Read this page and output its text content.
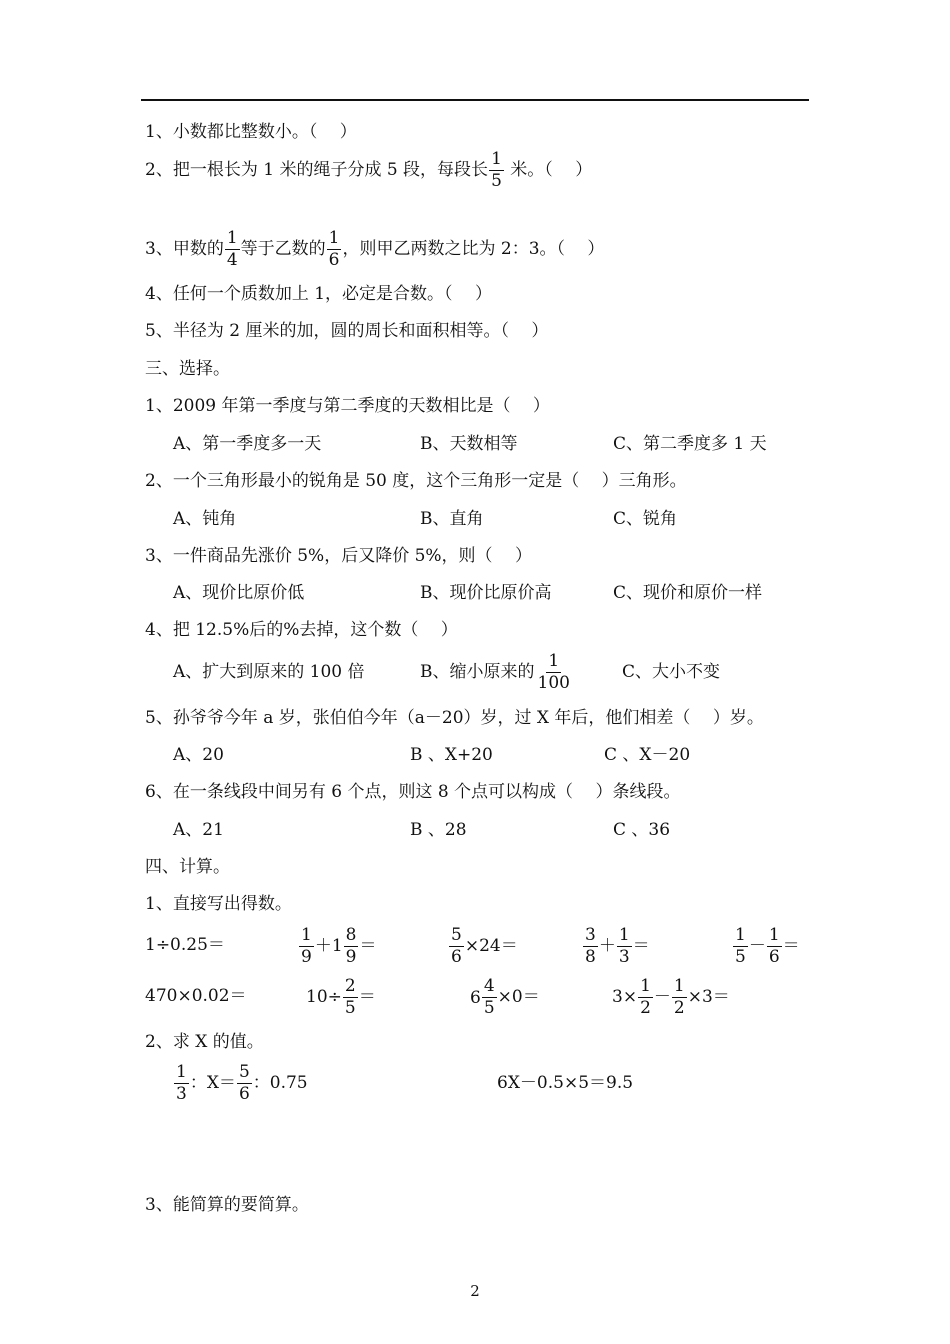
1、小数都比整数小。（　 ）
2、把一根长为 1 米的绳子分成 5 段，每段长 $\frac{1}{5}$ 米。（　 ）
3、甲数的 $\frac{1}{4}$ 等于乙数的 $\frac{1}{6}$ ，则甲乙两数之比为 2：3。（　 ）
4、任何一个质数加上 1，必定是合数。（　 ）
5、半径为 2 厘米的加，圆的周长和面积相等。（　 ）
三、选择。
1、2009 年第一季度与第二季度的天数相比是（　 ）
A、第一季度多一天	B、天数相等	C、第二季度多 1 天
2、一个三角形最小的锐角是 50 度，这个三角形一定是（　 ）三角形。
A、钝角	B、直角	C、锐角
3、一件商品先涨价 5%，后又降价 5%，则（　 ）
A、现价比原价低	B、现价比原价高	C、现价和原价一样
4、把 12.5%后的%去掉，这个数（　 ）
A、扩大到原来的 100 倍	B、缩小原来的 $\frac{1}{100}$	C、大小不变
5、孙爷爷今年 a 岁，张伯伯今年（a－20）岁，过 X 年后，他们相差（　 ）岁。
A、20	B 、X+20	C 、X－20
6、在一条线段中间另有 6 个点，则这 8 个点可以构成（　 ）条线段。
A、21	B 、28	C 、36
四、计算。
1、直接写出得数。
1÷0.25＝	$\frac{1}{9} +1 \frac{8}{9}$ ＝	$\frac{5}{6} \times 24=$	$\frac{3}{8} + \frac{1}{3}$ ＝	$\frac{1}{5} - \frac{1}{6}$ ＝
470×0.02＝	$10\div \frac{2}{5}$ ＝	$6 \frac{4}{5} \times 0=$	$3\times \frac{1}{2} - \frac{1}{2} \times 3=$
2、求 X 的值。
$\frac{1}{3}$ ：$X= \frac{5}{6}$ ：0.75	6X－0.5×5＝9.5
3、能简算的要简算。
2
